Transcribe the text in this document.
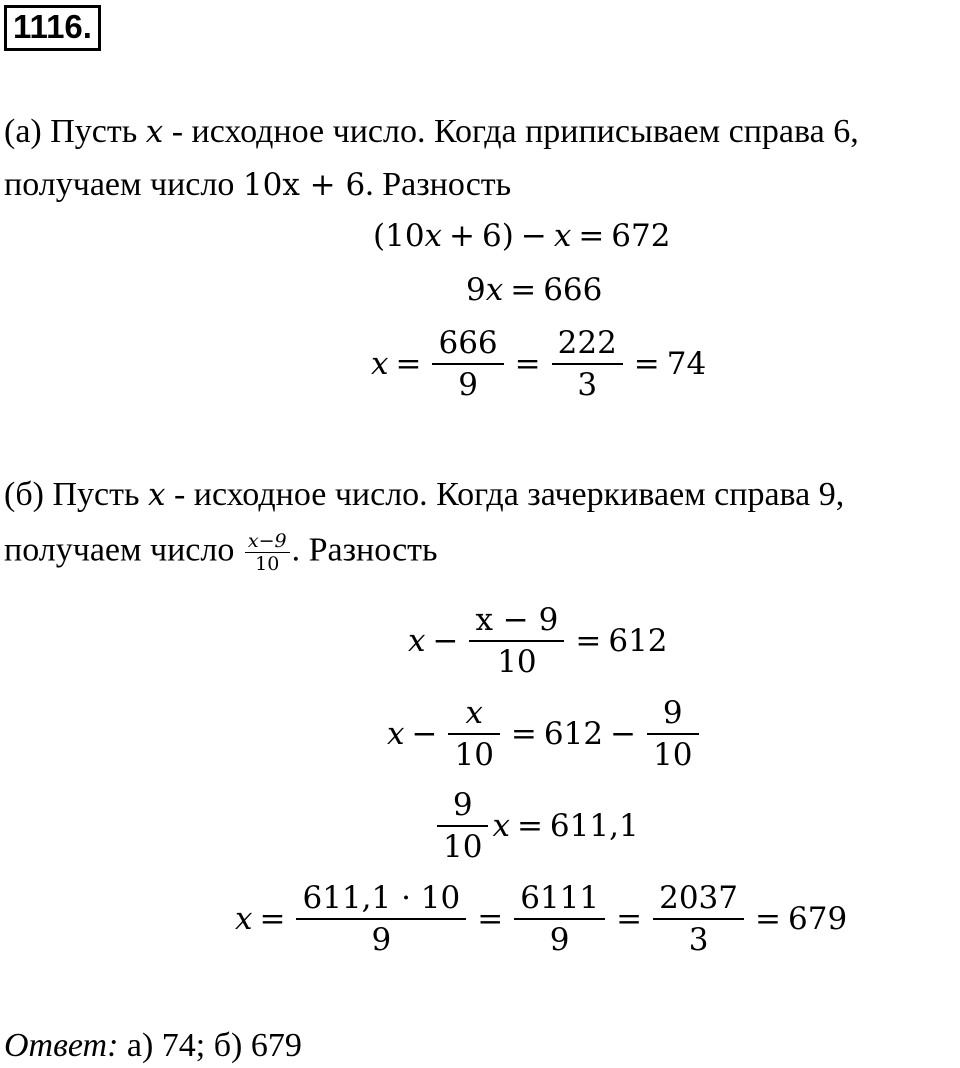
1116.
(а) Пусть x - исходное число. Когда приписываем справа 6,
получаем число 10x + 6. Разность
(10 x + 6) − x = 672
9 x = 666
$x = \frac{666}{9} = \frac{222}{3} = 74$
(б) Пусть x - исходное число. Когда зачеркиваем справа 9,
получаем число $\frac{x-9}{10}$ . Разность
$x - \frac{x - 9}{10} = 612$
$x - \frac{x}{10} = 612 - \frac{9}{10}$
$\frac{9}{10}$ x = 611,1
$x = \frac{611,1 \cdot 10}{9} = \frac{6111}{9} = \frac{2037}{3} = 679$
Ответ: а) 74; б) 679
